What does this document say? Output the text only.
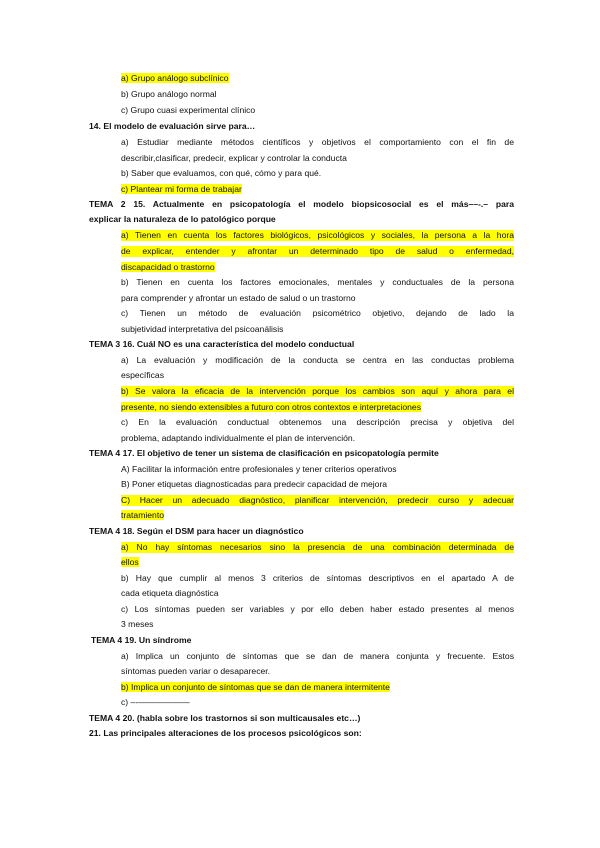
a) Grupo análogo subclínico
b) Grupo análogo normal
c) Grupo cuasi experimental clínico
14. El modelo de evaluación sirve para…
a) Estudiar mediante métodos científicos y objetivos el comportamiento con el fin de
describir,clasificar, predecir, explicar y controlar la conducta
b) Saber que evaluamos, con qué, cómo y para qué.
c) Plantear mi forma de trabajar
TEMA 2 15. Actualmente en psicopatología el modelo biopsicosocial es el más––-.– para
explicar la naturaleza de lo patológico porque
a) Tienen en cuenta los factores biológicos, psicológicos y sociales, la persona a la hora
de explicar, entender y afrontar un determinado tipo de salud o enfermedad,
discapacidad o trastorno
b) Tienen en cuenta los factores emocionales, mentales y conductuales de la persona
para comprender y afrontar un estado de salud o un trastorno
c) Tienen un método de evaluación psicométrico objetivo, dejando de lado la
subjetividad interpretativa del psicoanálisis
TEMA 3 16. Cuál NO es una característica del modelo conductual
a) La evaluación y modificación de la conducta se centra en las conductas problema
específicas
b) Se valora la eficacia de la intervención porque los cambios son aquí y ahora para el
presente, no siendo extensibles a futuro con otros contextos e interpretaciones
c) En la evaluación conductual obtenemos una descripción precisa y objetiva del
problema, adaptando individualmente el plan de intervención.
TEMA 4 17. El objetivo de tener un sistema de clasificación en psicopatología permite
A) Facilitar la información entre profesionales y tener criterios operativos
B) Poner etiquetas diagnosticadas para predecir capacidad de mejora
C) Hacer un adecuado diagnóstico, planificar intervención, predecir curso y adecuar
tratamiento
TEMA 4 18. Según el DSM para hacer un diagnóstico
a) No hay síntomas necesarios sino la presencia de una combinación determinada de
ellos
b) Hay que cumplir al menos 3 criterios de síntomas descriptivos en el apartado A de
cada etiqueta diagnóstica
c) Los síntomas pueden ser variables y por ello deben haber estado presentes al menos
3 meses
TEMA 4 19. Un síndrome
a) Implica un conjunto de síntomas que se dan de manera conjunta y frecuente. Estos
síntomas pueden variar o desaparecer.
b) Implica un conjunto de síntomas que se dan de manera intermitente
c) –-——————
TEMA 4 20. (habla sobre los trastornos si son multicausales etc…)
21. Las principales alteraciones de los procesos psicológicos son:
